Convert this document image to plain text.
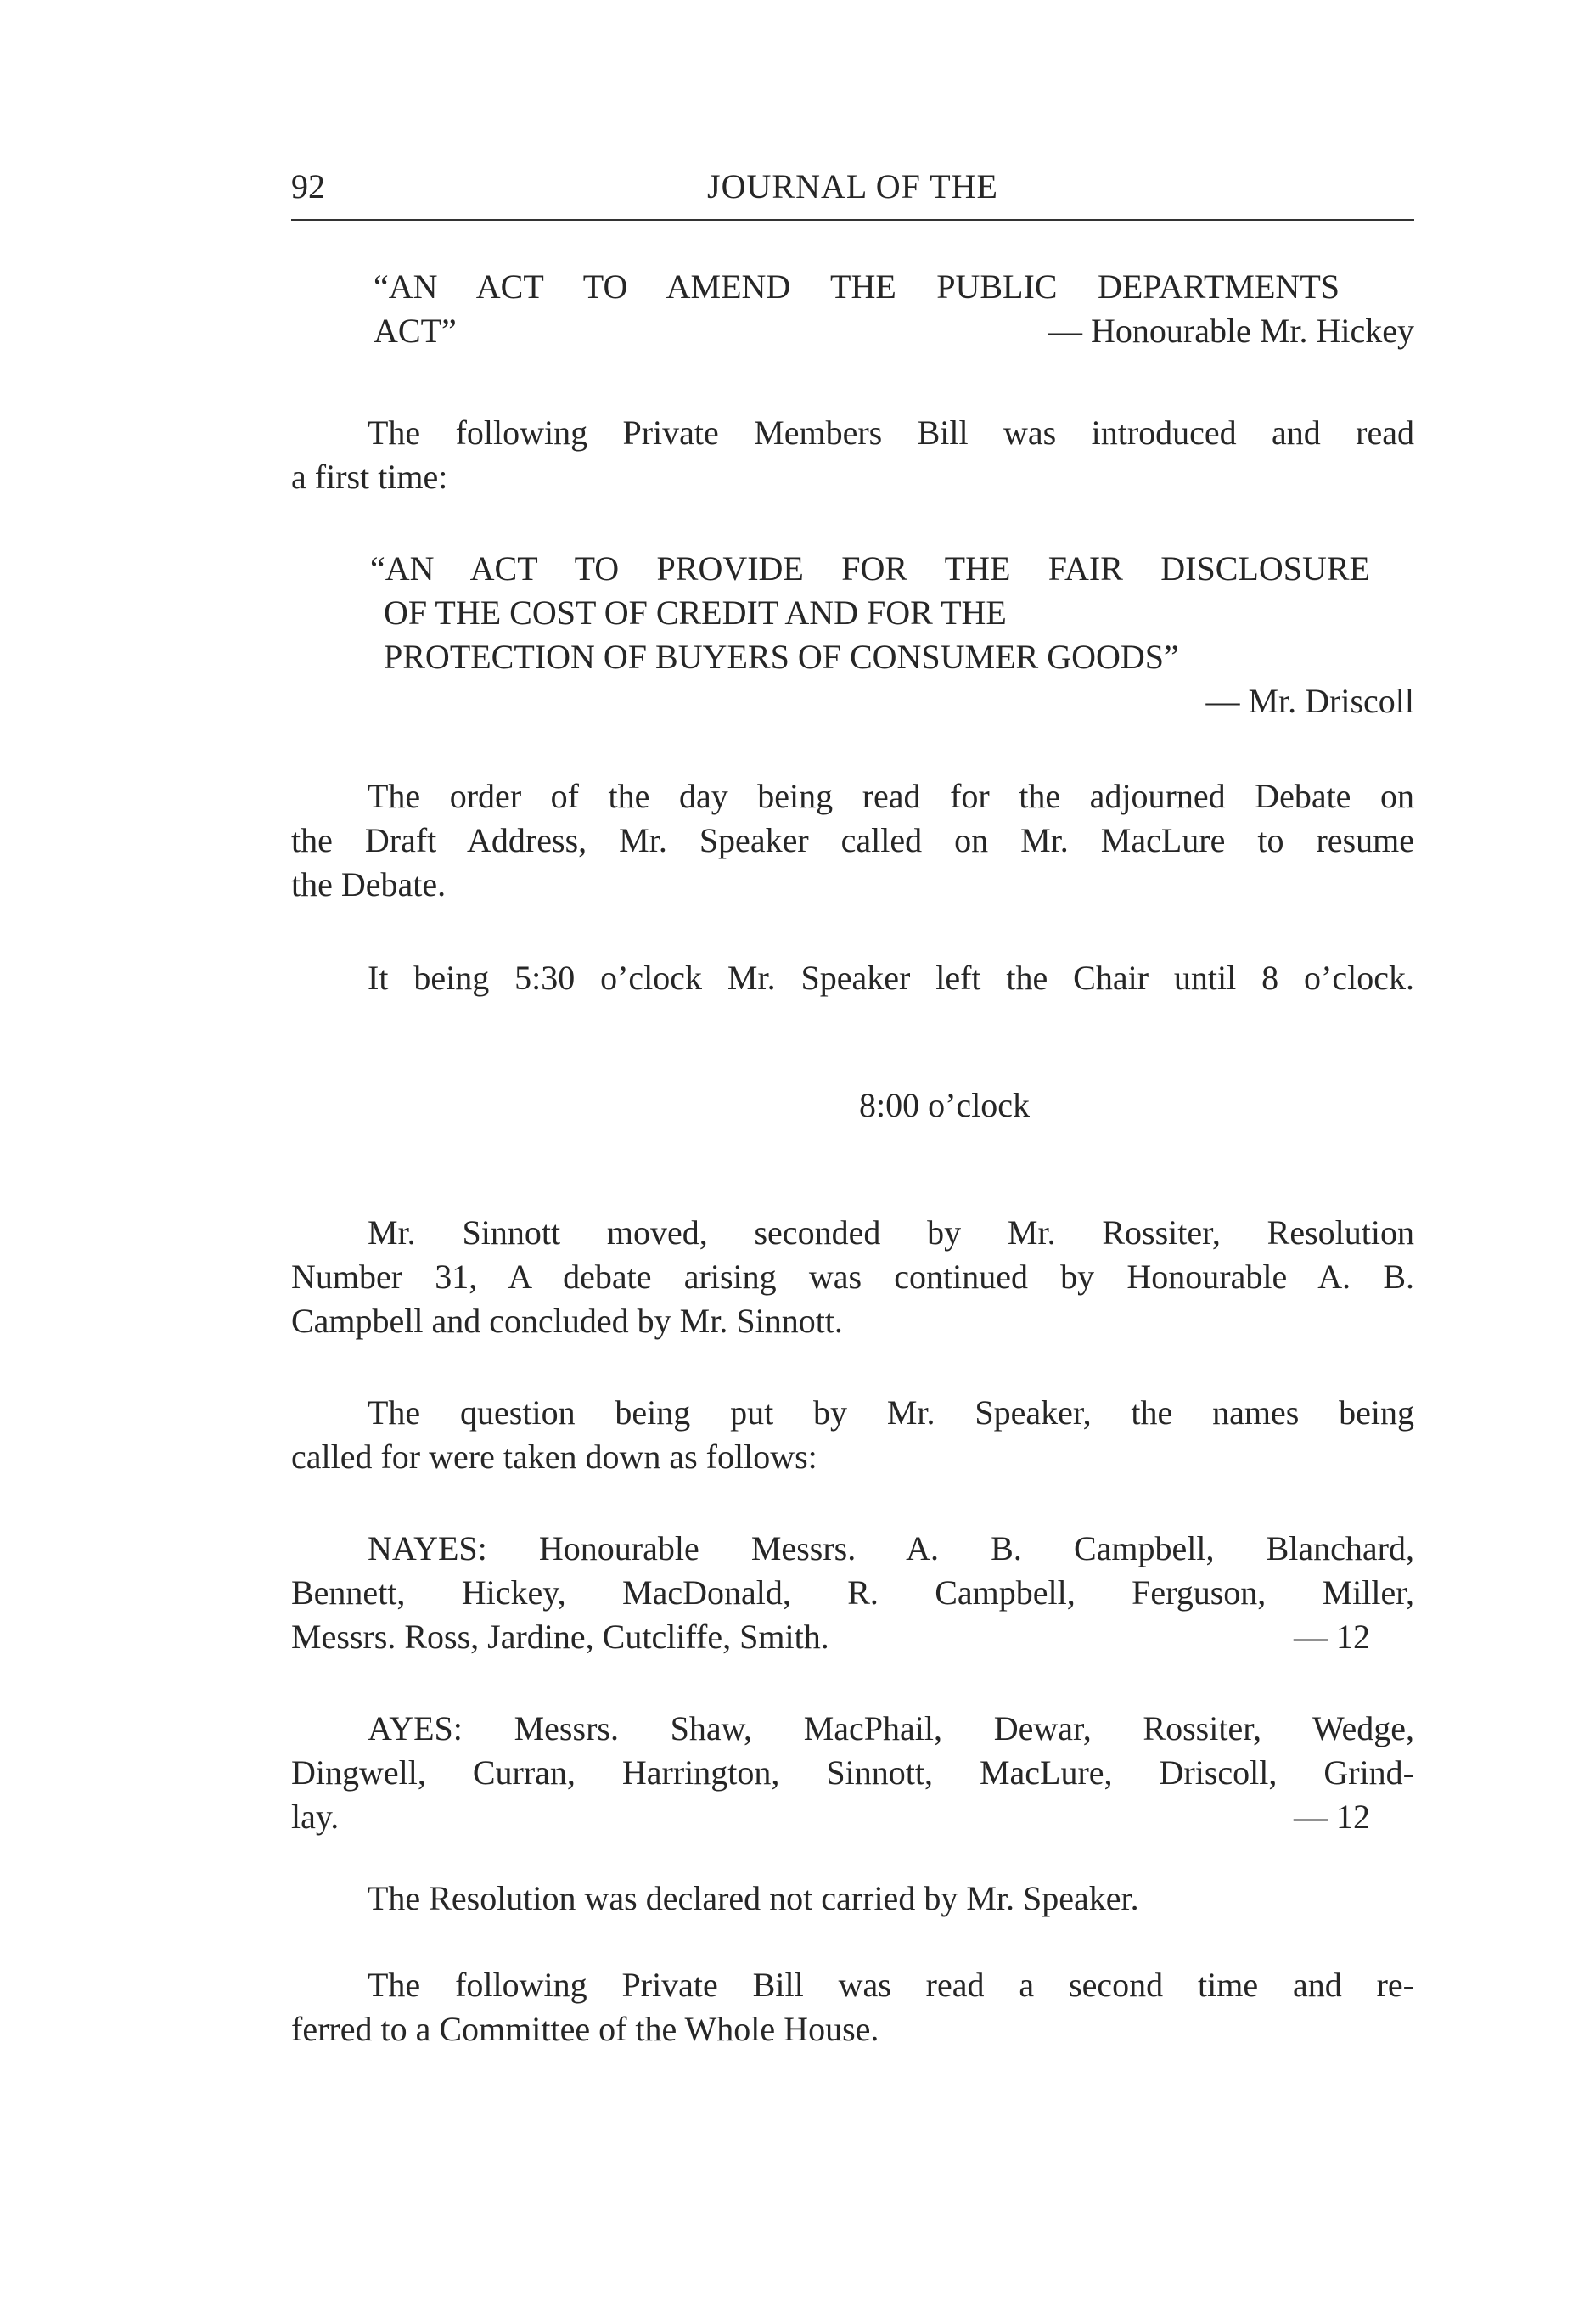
92	JOURNAL OF THE
“AN ACT TO AMEND THE PUBLIC DEPARTMENTS
ACT”	— Honourable Mr. Hickey
The following Private Members Bill was introduced and read
a first time:
“AN ACT TO PROVIDE FOR THE FAIR DISCLOSURE
OF THE COST OF CREDIT AND FOR THE
PROTECTION OF BUYERS OF CONSUMER GOODS”
— Mr. Driscoll
The order of the day being read for the adjourned Debate on
the Draft Address, Mr. Speaker called on Mr. MacLure to resume
the Debate.
It being 5:30 o’clock Mr. Speaker left the Chair until 8 o’clock.
8:00 o’clock
Mr. Sinnott moved, seconded by Mr. Rossiter, Resolution
Number 31, A debate arising was continued by Honourable A. B.
Campbell and concluded by Mr. Sinnott.
The question being put by Mr. Speaker, the names being
called for were taken down as follows:
NAYES: Honourable Messrs. A. B. Campbell, Blanchard,
Bennett, Hickey, MacDonald, R. Campbell, Ferguson, Miller,
Messrs. Ross, Jardine, Cutcliffe, Smith.	— 12
AYES: Messrs. Shaw, MacPhail, Dewar, Rossiter, Wedge,
Dingwell, Curran, Harrington, Sinnott, MacLure, Driscoll, Grind-
lay.	— 12
The Resolution was declared not carried by Mr. Speaker.
The following Private Bill was read a second time and re-
ferred to a Committee of the Whole House.
